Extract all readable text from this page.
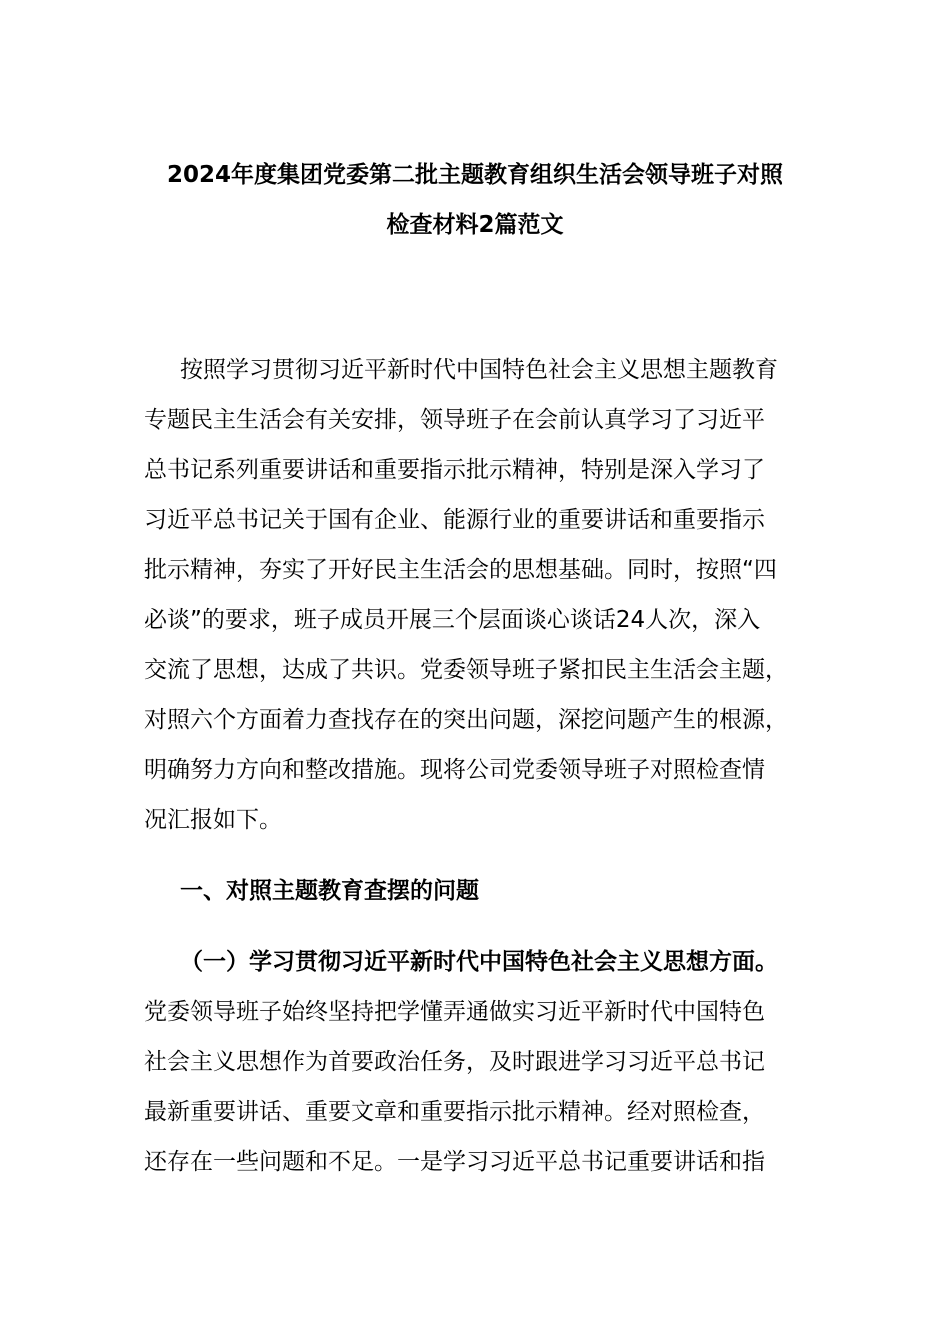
2024年度集团党委第二批主题教育组织生活会领导班子对照
检查材料2篇范文
按照学习贯彻习近平新时代中国特色社会主义思想主题教育
专题民主生活会有关安排，领导班子在会前认真学习了习近平
总书记系列重要讲话和重要指示批示精神，特别是深入学习了
习近平总书记关于国有企业、能源行业的重要讲话和重要指示
批示精神，夯实了开好民主生活会的思想基础。同时，按照“四
必谈”的要求，班子成员开展三个层面谈心谈话24人次，深入
交流了思想，达成了共识。党委领导班子紧扣民主生活会主题，
对照六个方面着力查找存在的突出问题，深挖问题产生的根源，
明确努力方向和整改措施。现将公司党委领导班子对照检查情
况汇报如下。
一、对照主题教育查摆的问题
（一）学习贯彻习近平新时代中国特色社会主义思想方面。
党委领导班子始终坚持把学懂弄通做实习近平新时代中国特色
社会主义思想作为首要政治任务，及时跟进学习习近平总书记
最新重要讲话、重要文章和重要指示批示精神。经对照检查，
还存在一些问题和不足。一是学习习近平总书记重要讲话和指
